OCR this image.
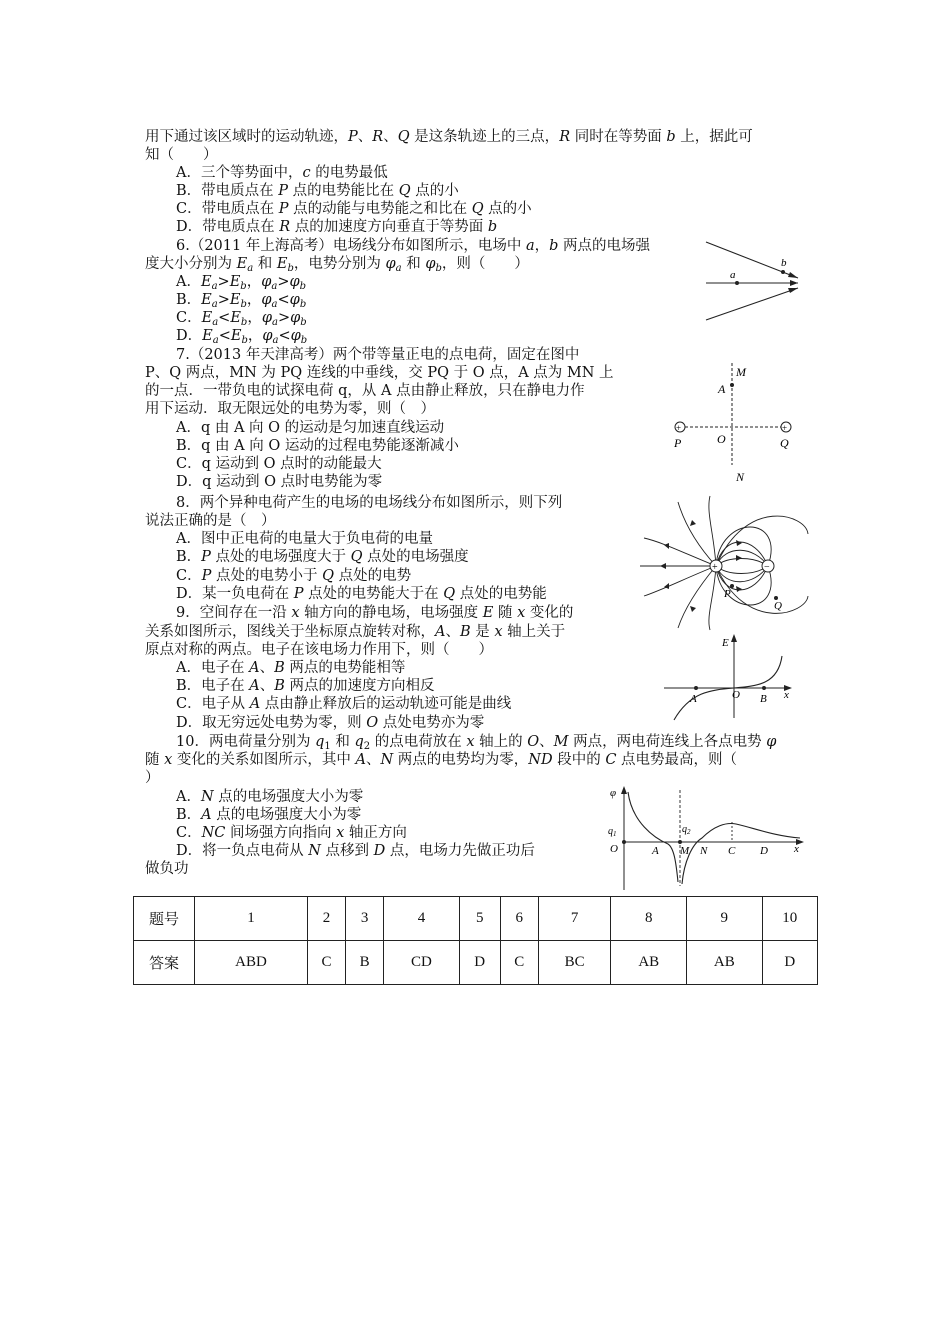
用下通过该区域时的运动轨迹，P、R、Q 是这条轨迹上的三点，R 同时在等势面 b 上，据此可
知（　　）
A．三个等势面中，c 的电势最低
B．带电质点在 P 点的电势能比在 Q 点的小
C．带电质点在 P 点的动能与电势能之和比在 Q 点的小
D．带电质点在 R 点的加速度方向垂直于等势面 b
6.（2011 年上海高考）电场线分布如图所示，电场中 a，b 两点的电场强
度大小分别为 $E_a$ 和 $E_b$，电势分别为 $\varphi_a$ 和 $\varphi_b$，则（　　）
A．$E_a>E_b$，$\varphi_a>\varphi_b$
B．$E_a>E_b$，$\varphi_a<\varphi_b$
C．$E_a<E_b$，$\varphi_a>\varphi_b$
D．$E_a<E_b$，$\varphi_a<\varphi_b$
a
b
7.（2013 年天津高考）两个带等量正电的点电荷，固定在图中
P、Q 两点，MN 为 PQ 连线的中垂线，交 PQ 于 O 点，A 点为 MN 上
的一点．一带负电的试探电荷 q，从 A 点由静止释放，只在静电力作
用下运动．取无限远处的电势为零，则（　）
A．q 由 A 向 O 的运动是匀加速直线运动
B．q 由 A 向 O 运动的过程电势能逐渐减小
C．q 运动到 O 点时的动能最大
D．q 运动到 O 点时电势能为零
+	+
M
A
P	O	Q
N
8．两个异种电荷产生的电场的电场线分布如图所示，则下列
说法正确的是（　）
A．图中正电荷的电量大于负电荷的电量
B．P 点处的电场强度大于 Q 点处的电场强度
C．P 点处的电势小于 Q 点处的电势
D．某一负电荷在 P 点处的电势能大于在 Q 点处的电势能
+	−
P
Q
9．空间存在一沿 x 轴方向的静电场，电场强度 E 随 x 变化的
关系如图所示，图线关于坐标原点旋转对称，A、B 是 x 轴上关于
原点对称的两点。电子在该电场力作用下，则（　　）
A．电子在 A、B 两点的电势能相等
B．电子在 A、B 两点的加速度方向相反
C．电子从 A 点由静止释放后的运动轨迹可能是曲线
D．取无穷远处电势为零，则 O 点处电势亦为零
E
A	O B x
10．两电荷量分别为 $q_1$ 和 $q_2$ 的点电荷放在 x 轴上的 O、M 两点，两电荷连线上各点电势 φ
随 x 变化的关系如图所示，其中 A、N 两点的电势均为零，ND 段中的 C 点电势最高，则（
）
A．N 点的电场强度大小为零
B．A 点的电场强度大小为零
C．NC 间场强方向指向 x 轴正方向
D．将一负点电荷从 N 点移到 D 点，电场力先做正功后
做负功
φ
$q_1$	$q_2$
O	A M N C D x
题号	1	2	3	4	5	6	7	8	9	10
答案	ABD	C	B	CD	D	C	BC	AB	AB	D
